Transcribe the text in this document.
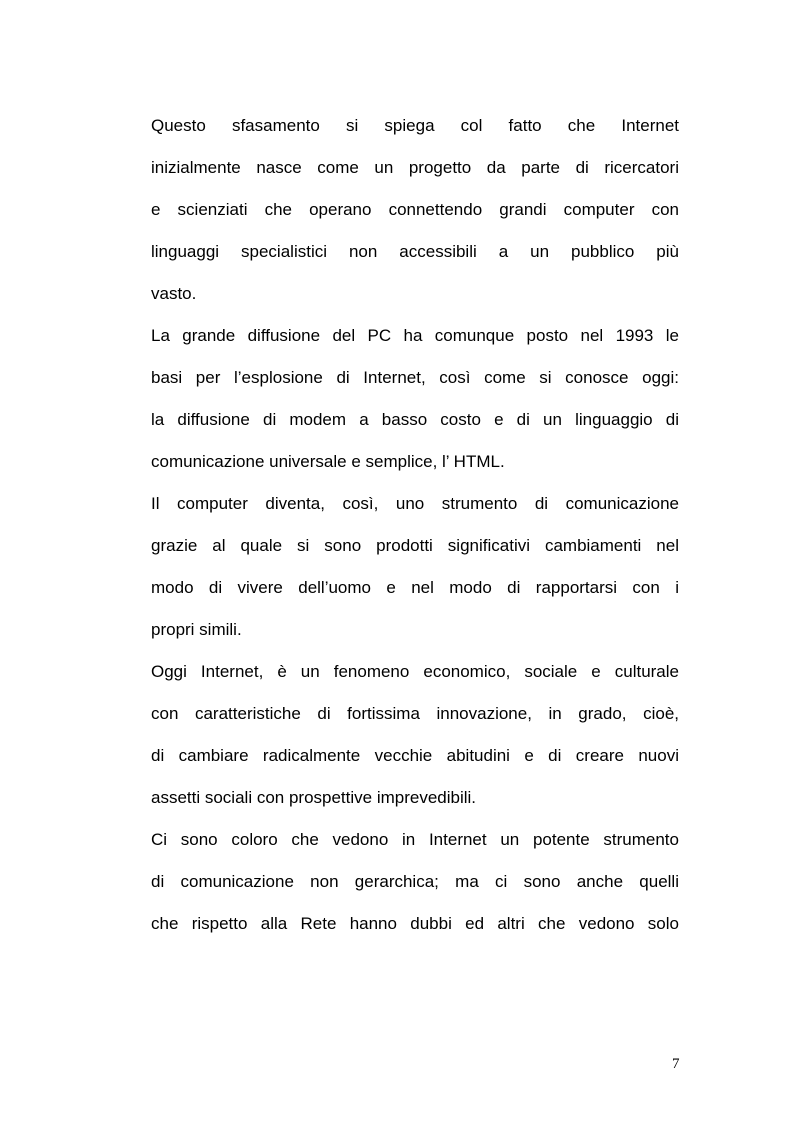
Questo sfasamento si spiega col fatto che Internet
inizialmente nasce come un progetto da parte di ricercatori
e scienziati che operano connettendo grandi computer con
linguaggi specialistici non accessibili a un pubblico più
vasto.
La grande diffusione del PC ha comunque posto nel 1993 le
basi per l’esplosione di Internet, così come si conosce oggi:
la diffusione di modem a basso costo e di un linguaggio di
comunicazione universale e semplice, l’ HTML.
Il computer diventa, così, uno strumento di comunicazione
grazie al quale si sono prodotti significativi cambiamenti nel
modo di vivere dell’uomo e nel modo di rapportarsi con i
propri simili.
Oggi Internet, è un fenomeno economico, sociale e culturale
con caratteristiche di fortissima innovazione, in grado, cioè,
di cambiare radicalmente vecchie abitudini e di creare nuovi
assetti sociali con prospettive imprevedibili.
Ci sono coloro che vedono in Internet un potente strumento
di comunicazione non gerarchica; ma ci sono anche quelli
che rispetto alla Rete hanno dubbi ed altri che vedono solo
7
